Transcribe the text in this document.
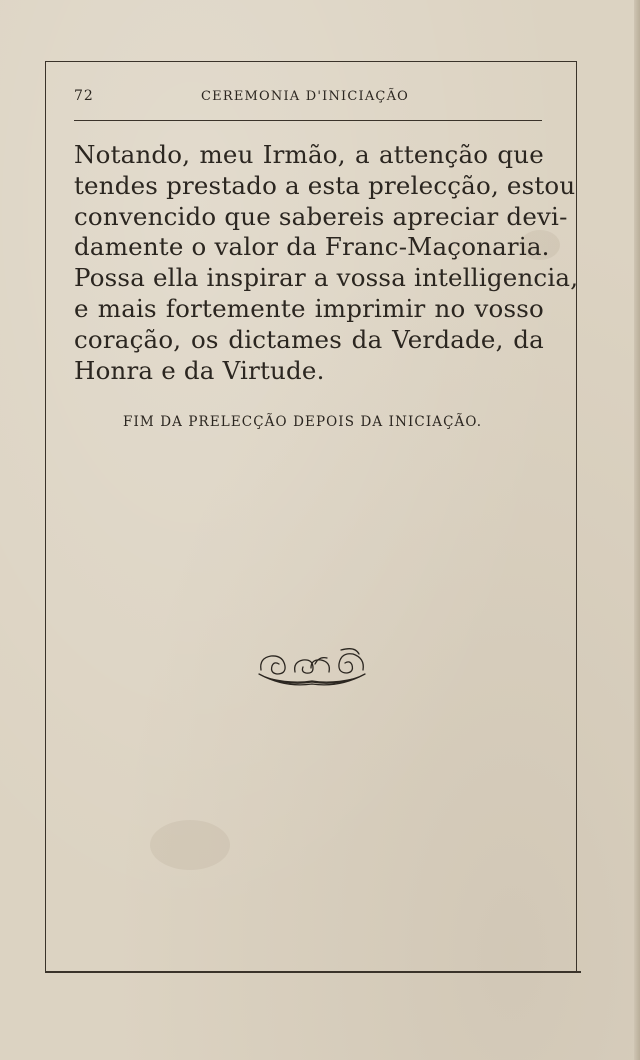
72	CEREMONIA D'INICIAÇÃO
Notando, meu Irmão, a attenção que
tendes prestado a esta prelecção, estou
convencido que sabereis apreciar devi-
damente o valor da Franc-Maçonaria.
Possa ella inspirar a vossa intelligencia,
e mais fortemente imprimir no vosso
coração, os dictames da Verdade, da
Honra e da Virtude.
FIM DA PRELECÇÃO DEPOIS DA INICIAÇÃO.
